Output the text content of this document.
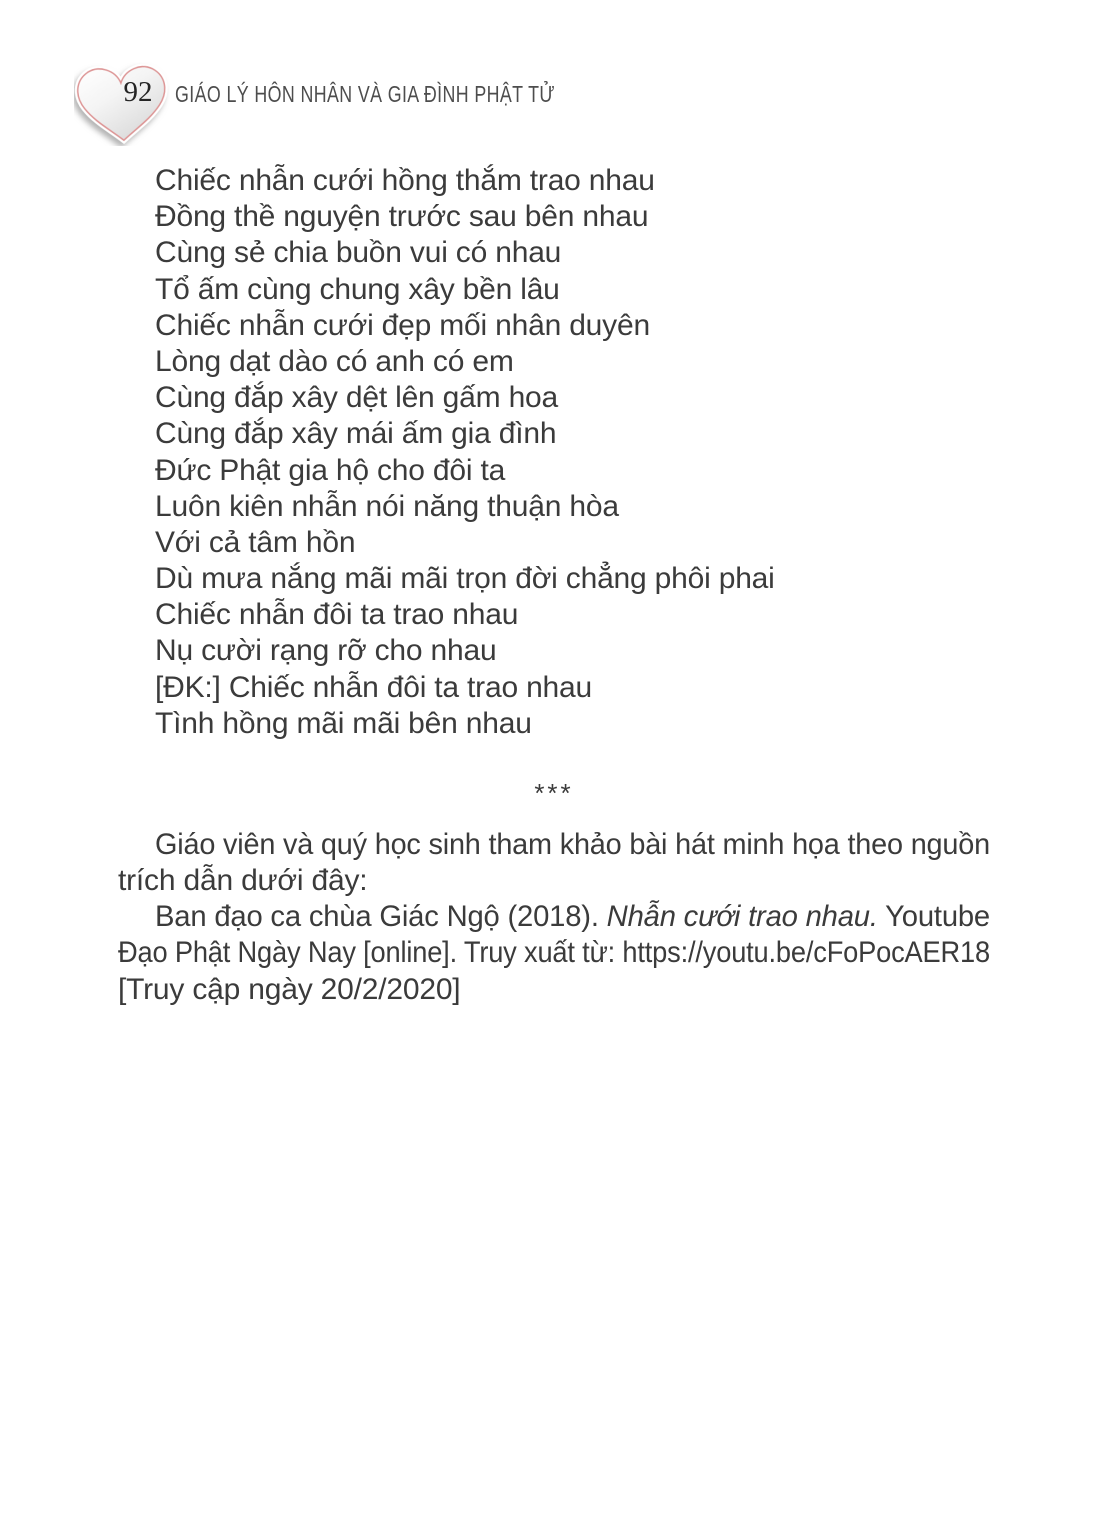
92 GIÁO LÝ HÔN NHÂN VÀ GIA ĐÌNH PHẬT TỬ
Chiếc nhẫn cưới hồng thắm trao nhau
Đồng thề nguyện trước sau bên nhau
Cùng sẻ chia buồn vui có nhau
Tổ ấm cùng chung xây bền lâu
Chiếc nhẫn cưới đẹp mối nhân duyên
Lòng dạt dào có anh có em
Cùng đắp xây dệt lên gấm hoa
Cùng đắp xây mái ấm gia đình
Đức Phật gia hộ cho đôi ta
Luôn kiên nhẫn nói năng thuận hòa
Với cả tâm hồn
Dù mưa nắng mãi mãi trọn đời chẳng phôi phai
Chiếc nhẫn đôi ta trao nhau
Nụ cười rạng rỡ cho nhau
[ĐK:] Chiếc nhẫn đôi ta trao nhau
Tình hồng mãi mãi bên nhau
***
Giáo viên và quý học sinh tham khảo bài hát minh họa theo nguồn
trích dẫn dưới đây:
Ban đạo ca chùa Giác Ngộ (2018). Nhẫn cưới trao nhau. Youtube
Đạo Phật Ngày Nay [online]. Truy xuất từ: https://youtu.be/cFoPocAER18
[Truy cập ngày 20/2/2020]
